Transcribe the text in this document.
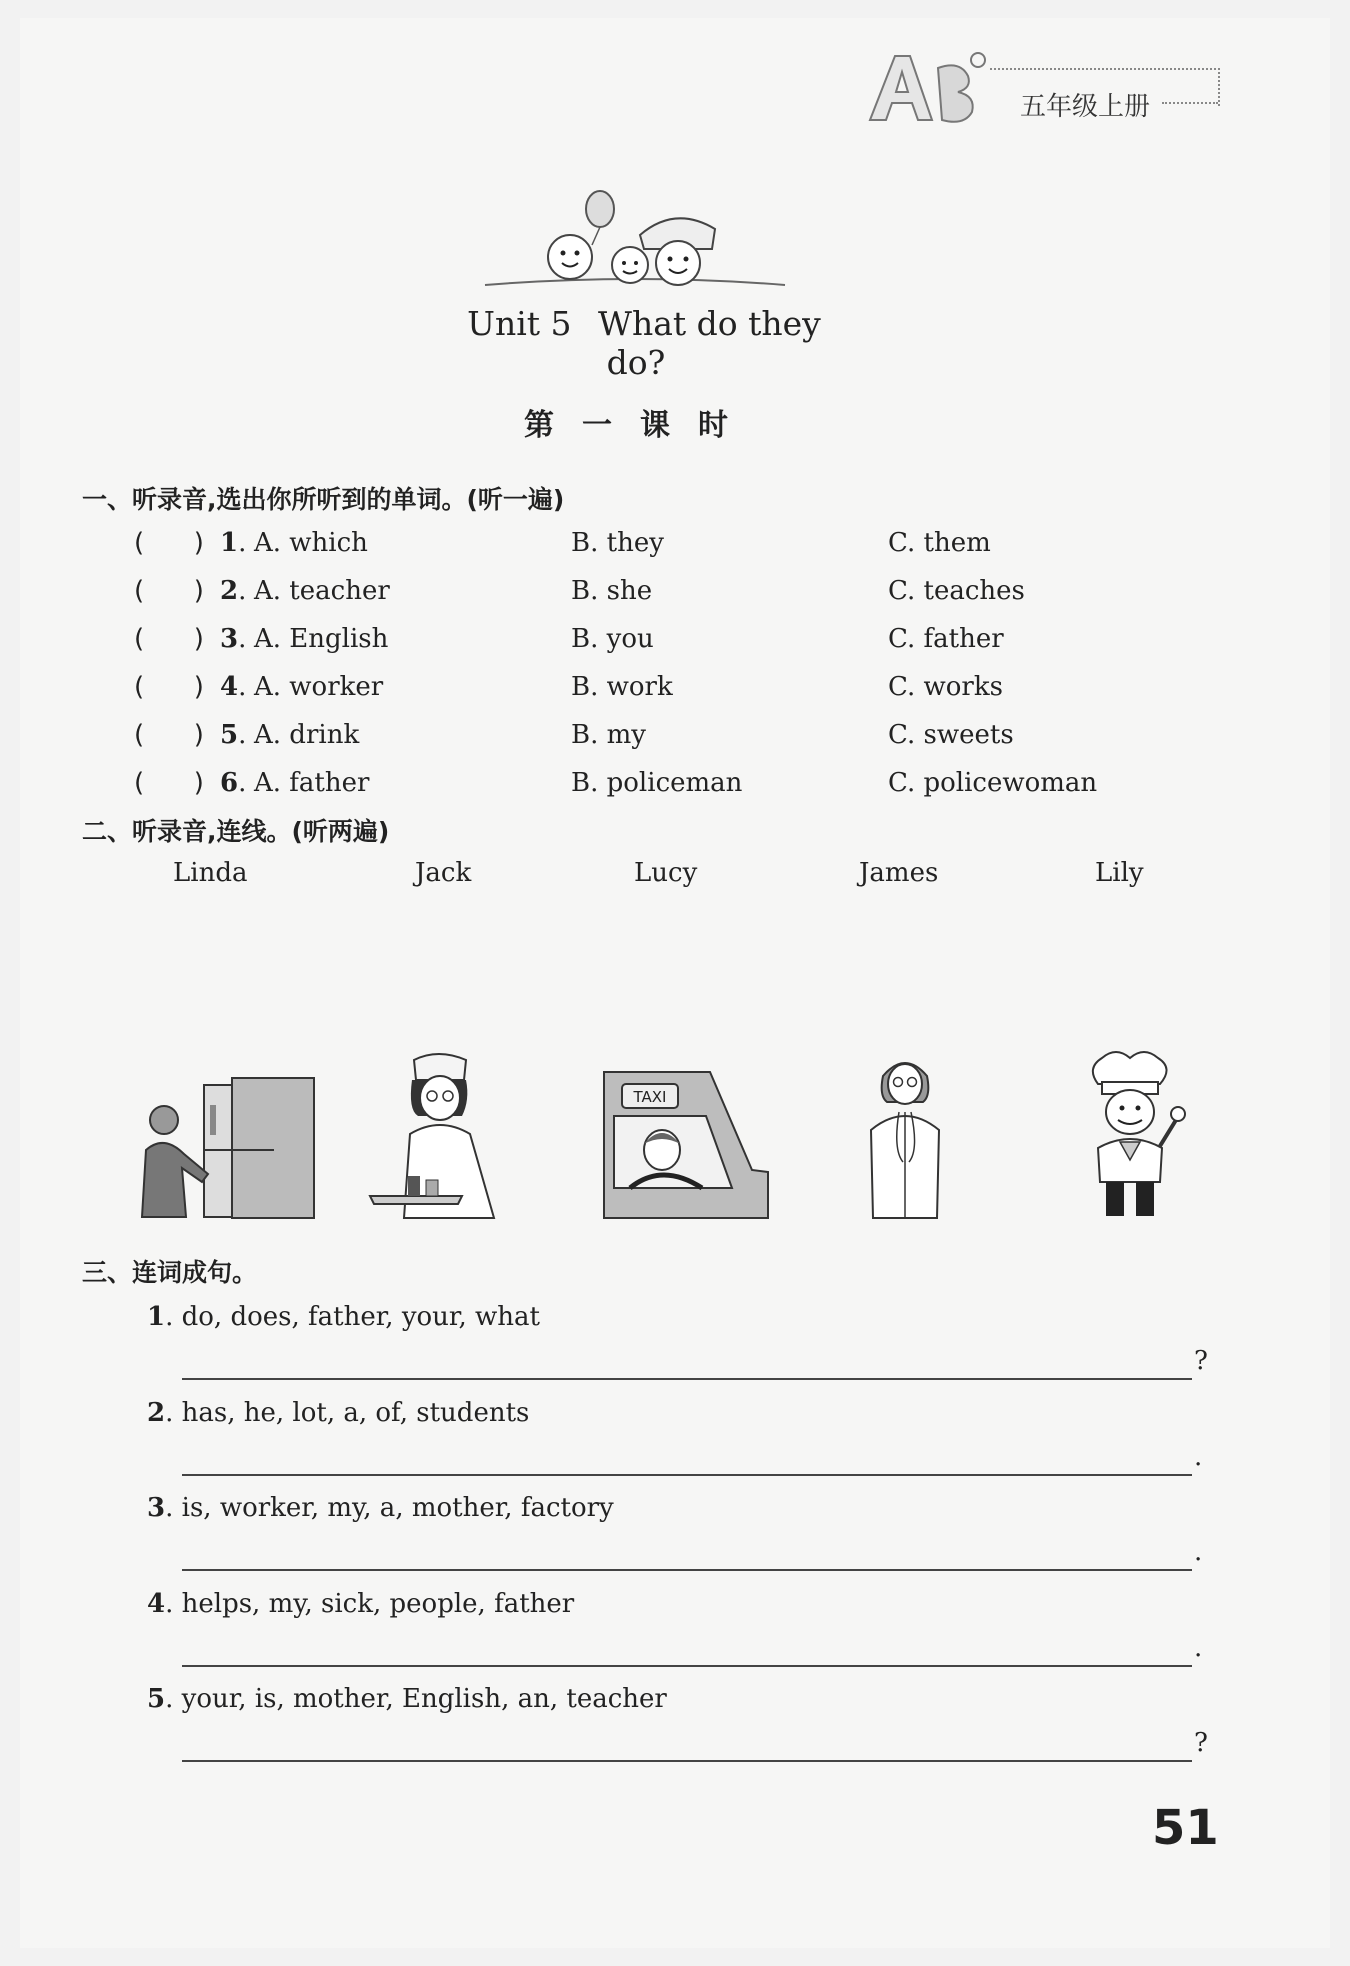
五年级上册
Unit 5 What do they do?
第一课时
一、听录音,选出你所听到的单词。(听一遍)
(      ) 1. A. which	B. they	C. them
(      ) 2. A. teacher	B. she	C. teaches
(      ) 3. A. English	B. you	C. father
(      ) 4. A. worker	B. work	C. works
(      ) 5. A. drink	B. my	C. sweets
(      ) 6. A. father	B. policeman	C. policewoman
二、听录音,连线。(听两遍)
Linda	Jack	Lucy	James	Lily
TAXI
三、连词成句。
1. do, does, father, your, what
?
2. has, he, lot, a, of, students
.
3. is, worker, my, a, mother, factory
.
4. helps, my, sick, people, father
.
5. your, is, mother, English, an, teacher
?
51
